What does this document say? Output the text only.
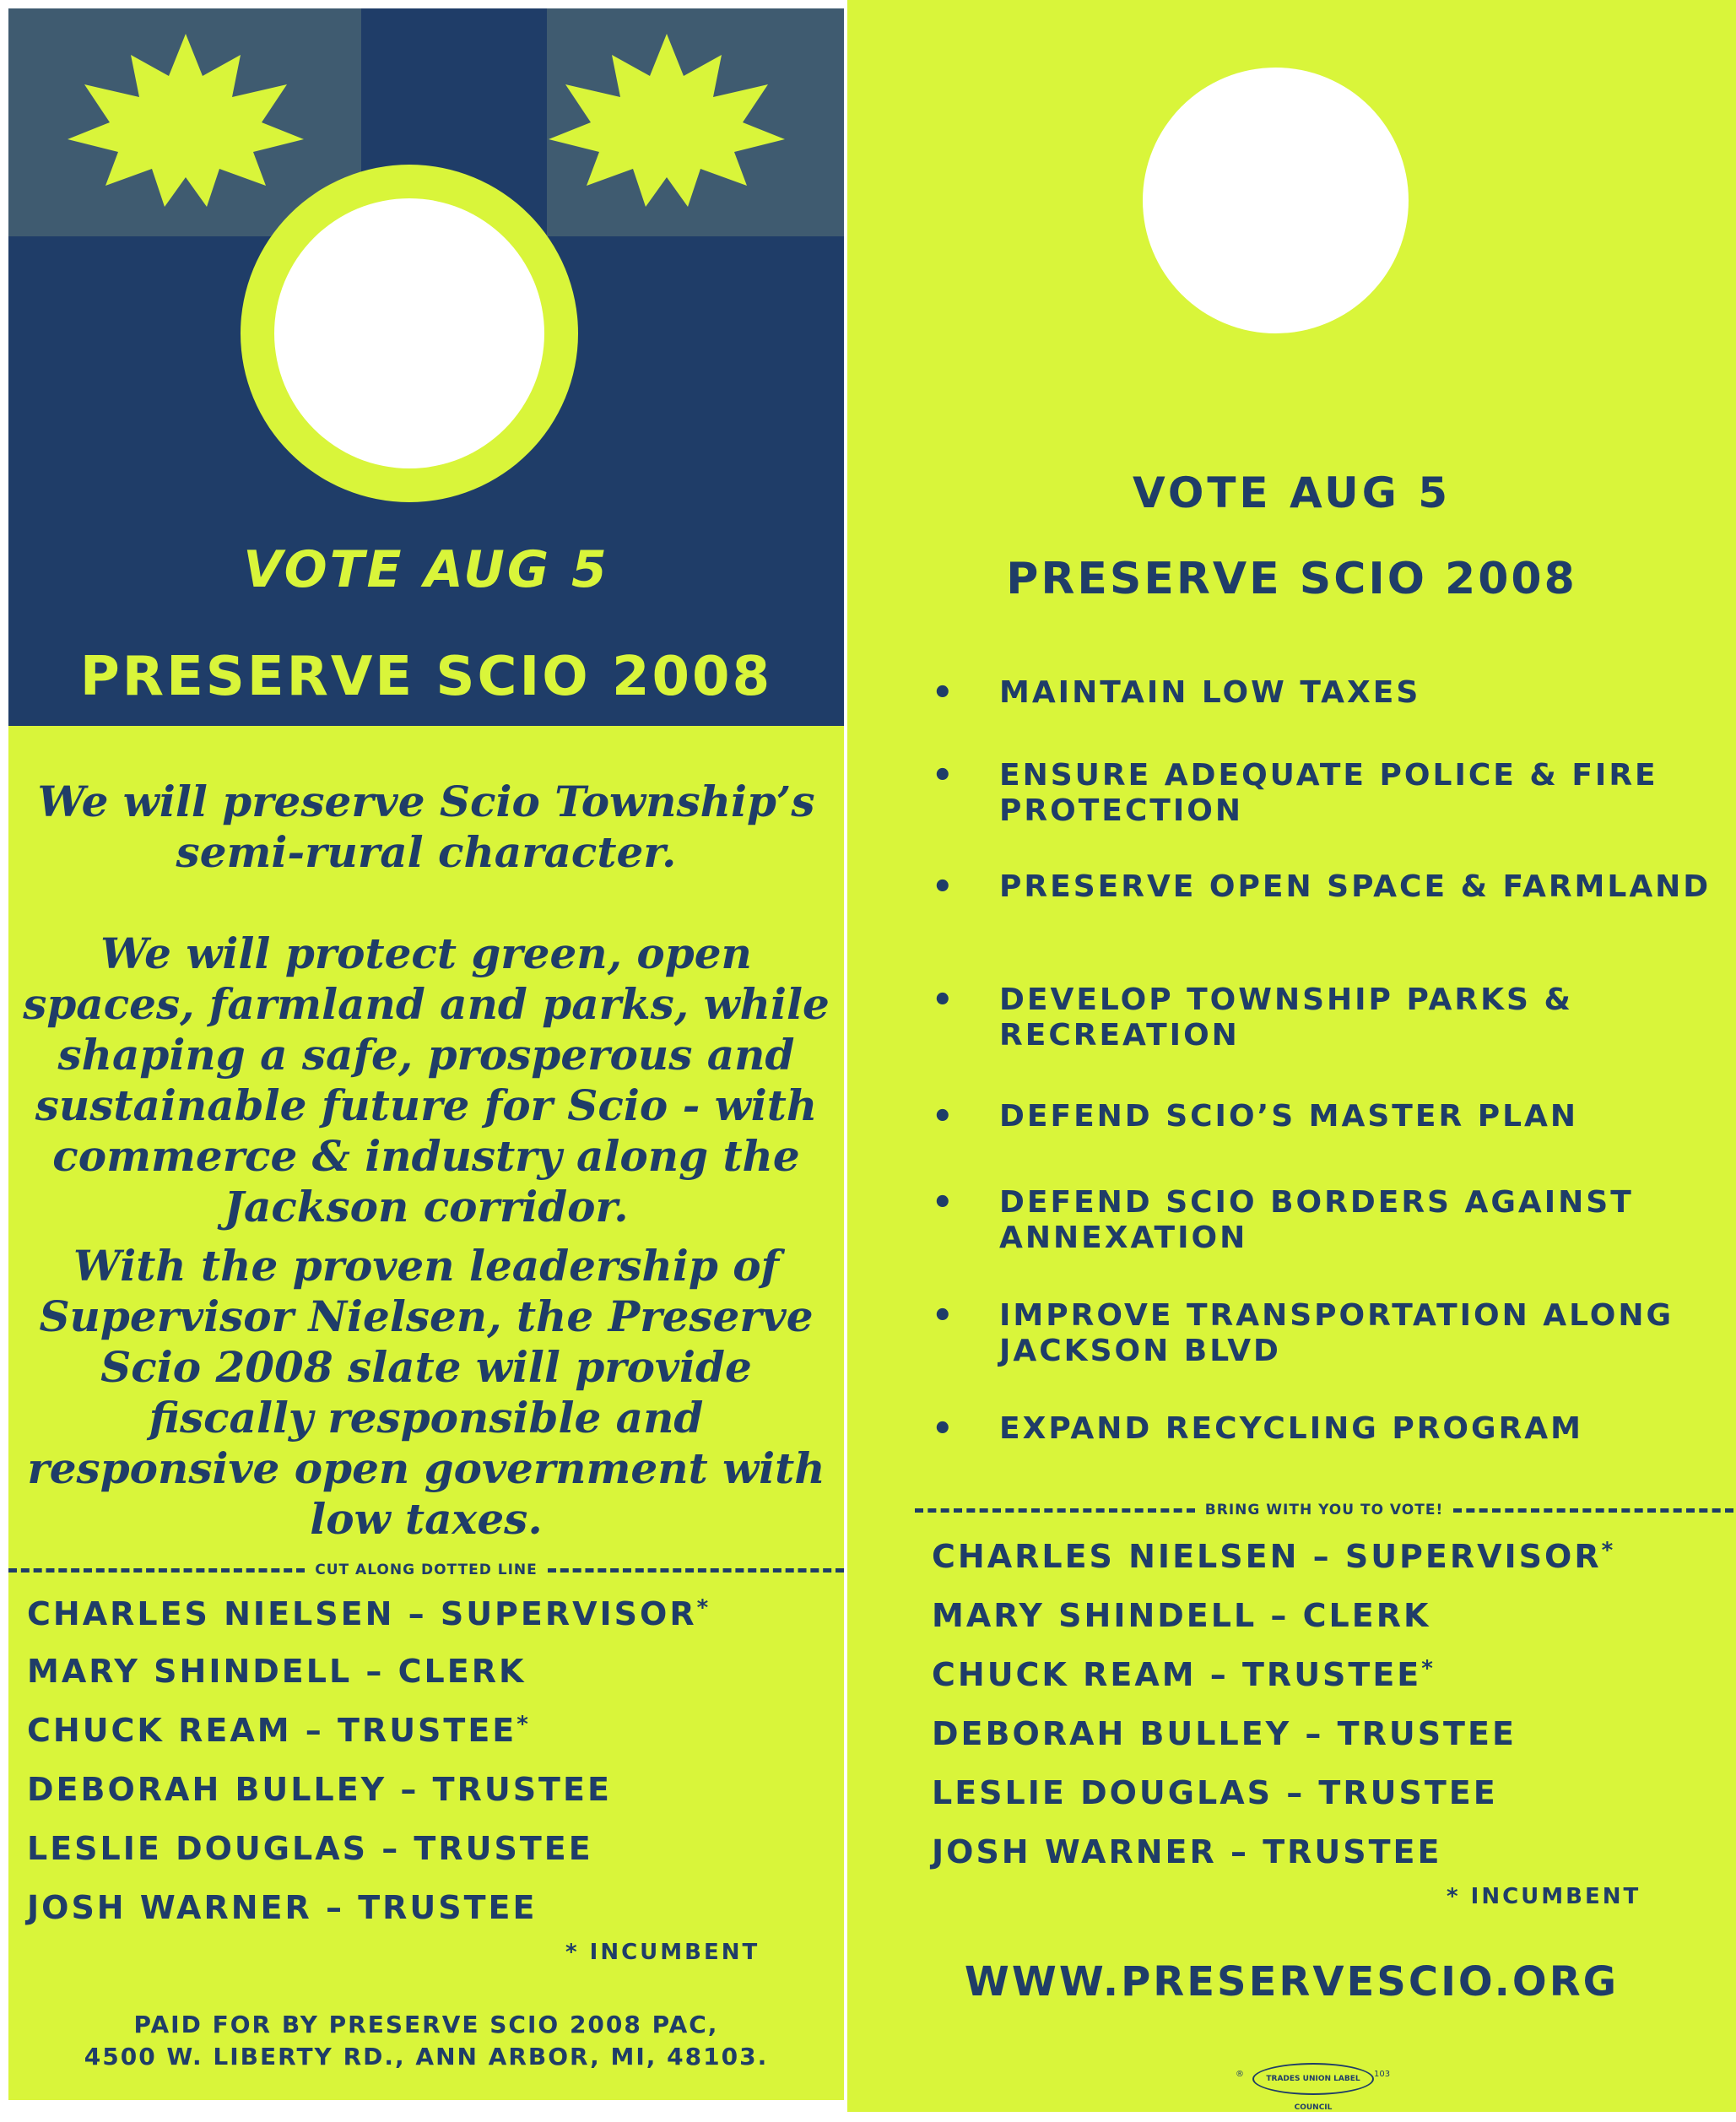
VOTE AUG 5
PRESERVE SCIO 2008

We will preserve Scio Township’s semi-rural character.

We will protect green, open spaces, farmland and parks, while shaping a safe, prosperous and sustainable future for Scio - with commerce & industry along the Jackson corridor.

With the proven leadership of Supervisor Nielsen, the Preserve Scio 2008 slate will provide fiscally responsible and responsive open government with low taxes.

CUT ALONG DOTTED LINE

CHARLES NIELSEN – SUPERVISOR*

MARY SHINDELL – CLERK

CHUCK REAM – TRUSTEE*

DEBORAH BULLEY – TRUSTEE

LESLIE DOUGLAS – TRUSTEE

JOSH WARNER – TRUSTEE

* INCUMBENT
PAID FOR BY PRESERVE SCIO 2008 PAC,
4500 W. LIBERTY RD., ANN ARBOR, MI, 48103.
VOTE AUG 5
PRESERVE SCIO 2008
• MAINTAIN LOW TAXES
• ENSURE ADEQUATE POLICE & FIRE PROTECTION
• PRESERVE OPEN SPACE & FARMLAND
• DEVELOP TOWNSHIP PARKS & RECREATION
• DEFEND SCIO’S MASTER PLAN
• DEFEND SCIO BORDERS AGAINST ANNEXATION
• IMPROVE TRANSPORTATION ALONG JACKSON BLVD
• EXPAND RECYCLING PROGRAM
BRING WITH YOU TO VOTE!

CHARLES NIELSEN – SUPERVISOR*

MARY SHINDELL – CLERK

CHUCK REAM – TRUSTEE*

DEBORAH BULLEY – TRUSTEE

LESLIE DOUGLAS – TRUSTEE

JOSH WARNER – TRUSTEE

* INCUMBENT
WWW.PRESERVESCIO.ORG
®	TRADES UNION LABEL COUNCIL
103
